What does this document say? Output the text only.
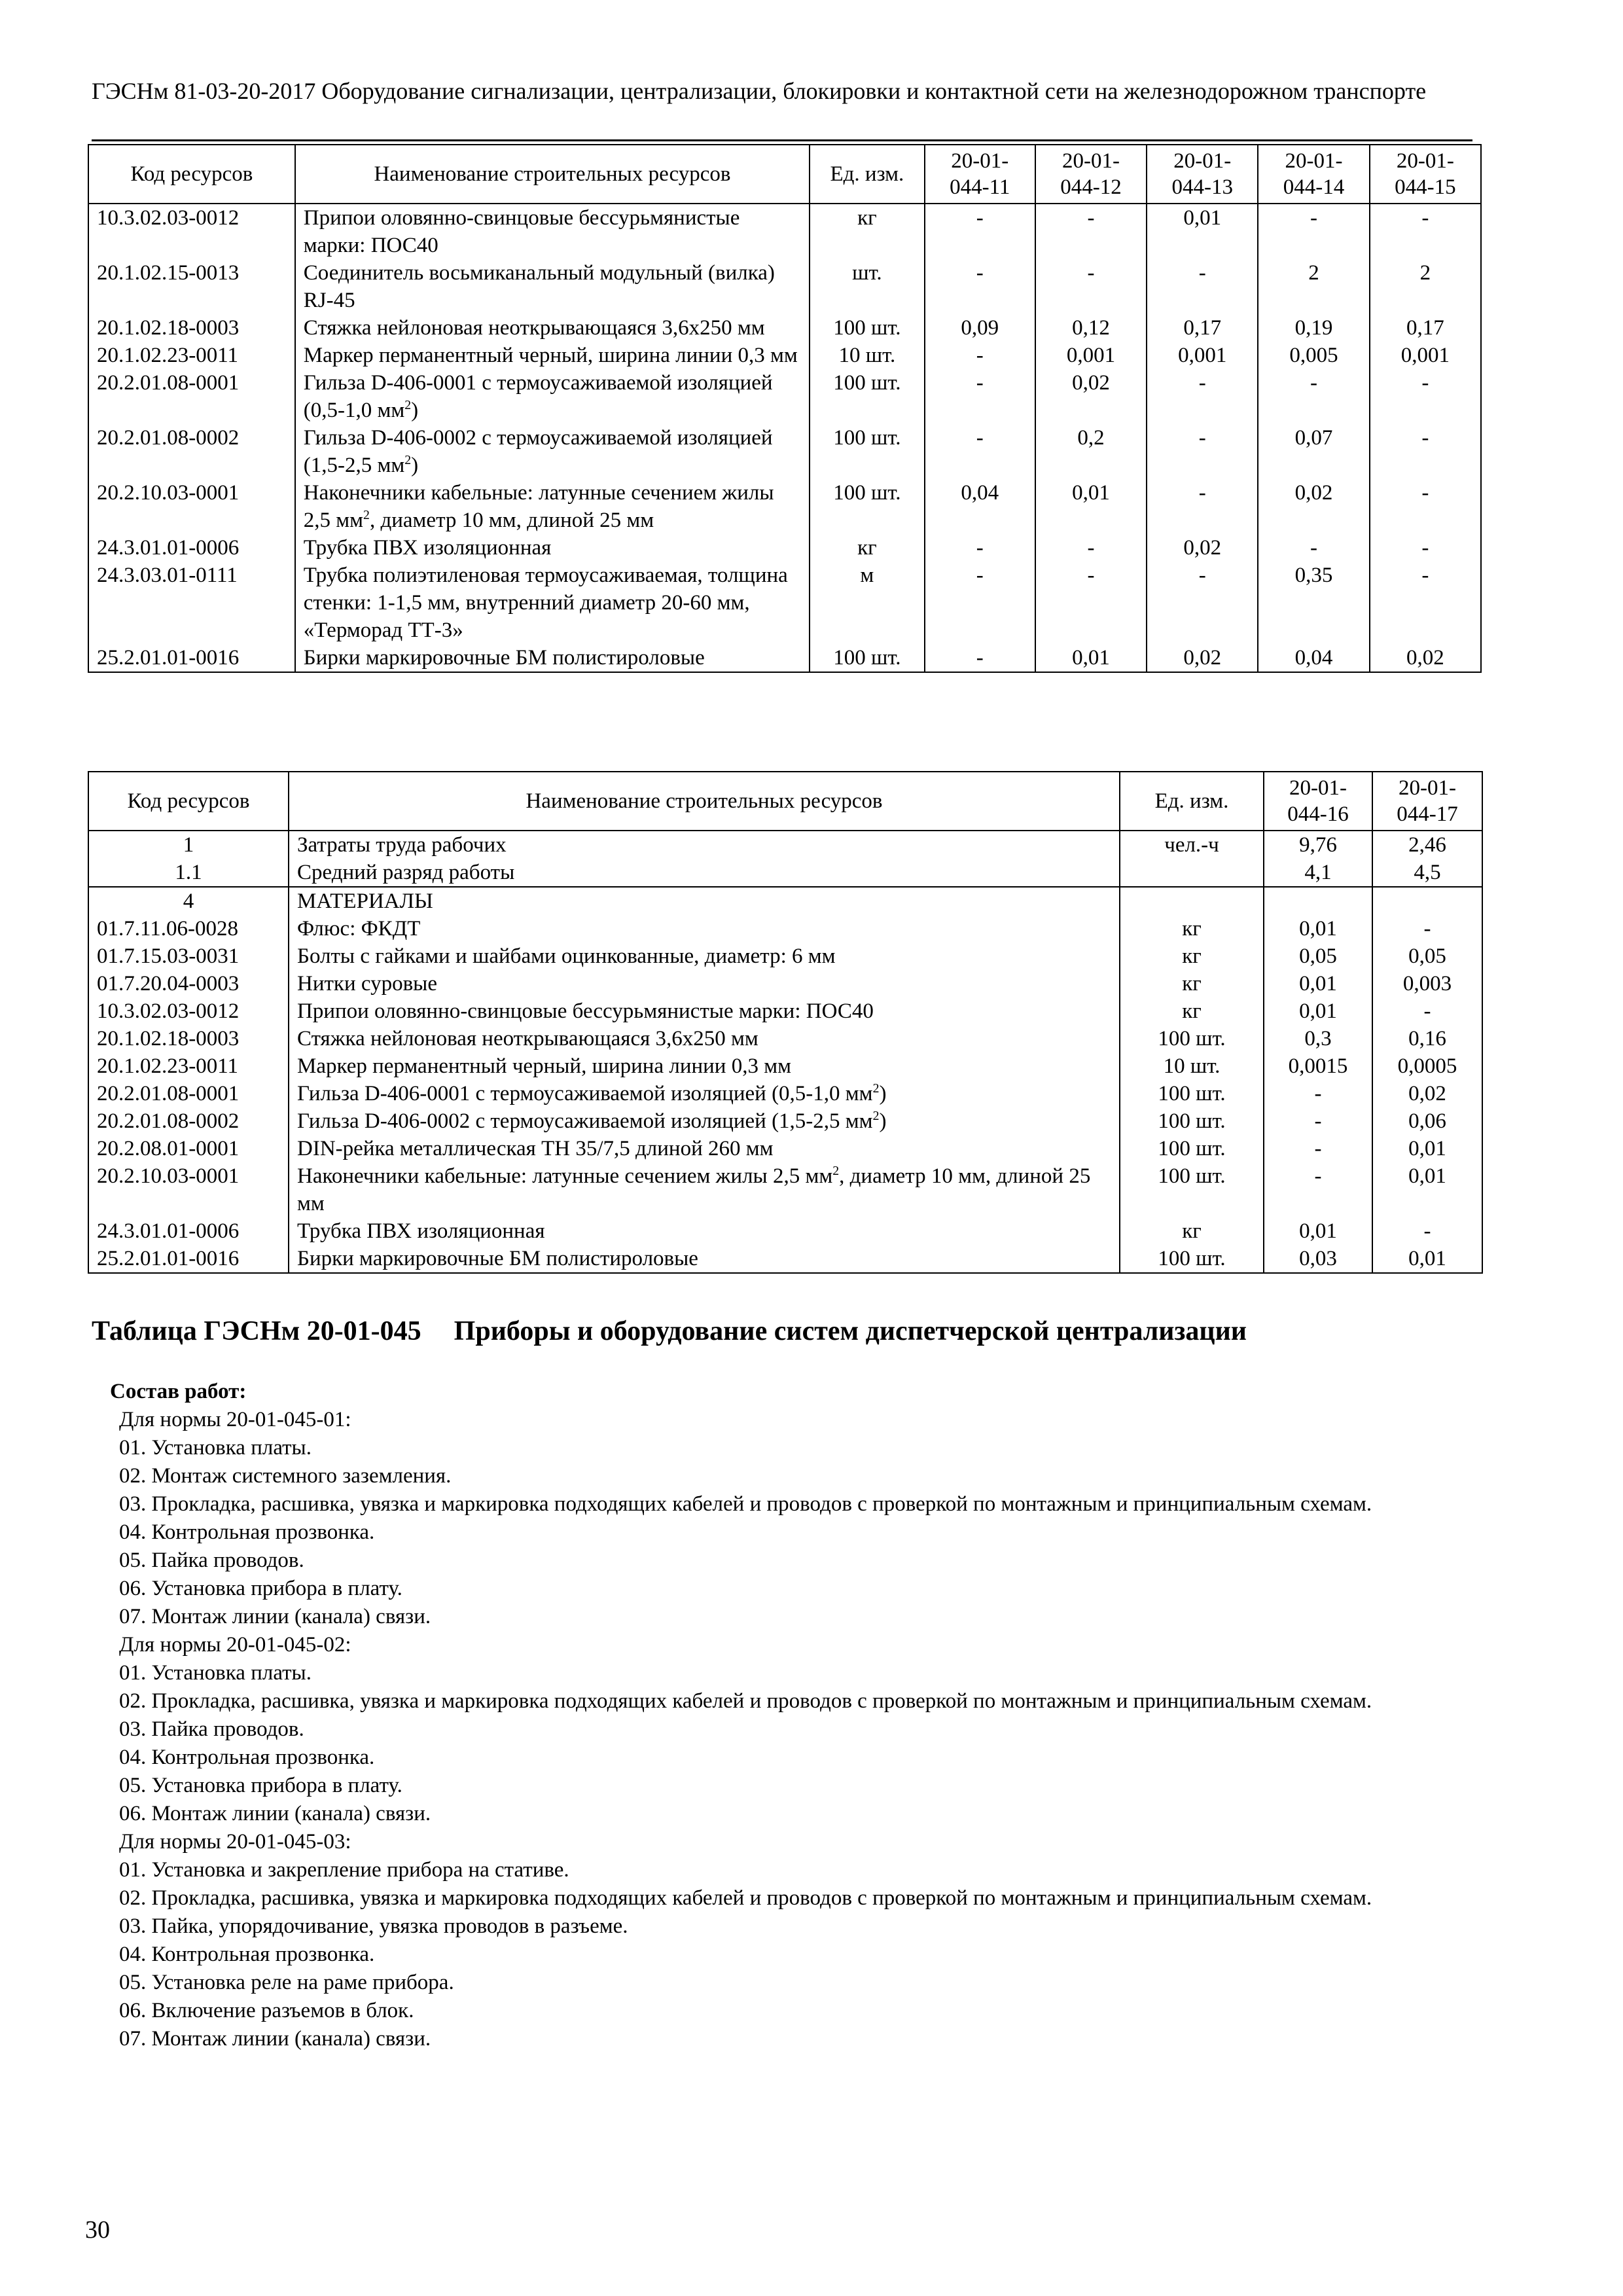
ГЭСНм 81-03-20-2017 Оборудование сигнализации, централизации, блокировки и контактной сети на железнодорожном транспорте
Код ресурсов	Наименование строительных ресурсов	Ед. изм.	20-01-044-11	20-01-044-12	20-01-044-13	20-01-044-14	20-01-044-15
10.3.02.03-0012	Припои оловянно-свинцовые бессурьмянистые марки: ПОС40	кг	-	-	0,01	-	-
20.1.02.15-0013	Соединитель восьмиканальный модульный (вилка) RJ-45	шт.	-	-	-	2	2
20.1.02.18-0003	Стяжка нейлоновая неоткрывающаяся 3,6х250 мм	100 шт.	0,09	0,12	0,17	0,19	0,17
20.1.02.23-0011	Маркер перманентный черный, ширина линии 0,3 мм	10 шт.	-	0,001	0,001	0,005	0,001
20.2.01.08-0001	Гильза D-406-0001 с термоусаживаемой изоляцией (0,5-1,0 $мм^2$)	100 шт.	-	0,02	-	-	-
20.2.01.08-0002	Гильза D-406-0002 с термоусаживаемой изоляцией (1,5-2,5 $мм^2$)	100 шт.	-	0,2	-	0,07	-
20.2.10.03-0001	Наконечники кабельные: латунные сечением жилы 2,5 $мм^2$, диаметр 10 мм, длиной 25 мм	100 шт.	0,04	0,01	-	0,02	-
24.3.01.01-0006	Трубка ПВХ изоляционная	кг	-	-	0,02	-	-
24.3.03.01-0111	Трубка полиэтиленовая термоусаживаемая, толщина стенки: 1-1,5 мм, внутренний диаметр 20-60 мм, «Терморад ТТ-3»	м	-	-	-	0,35	-
25.2.01.01-0016	Бирки маркировочные БМ полистироловые	100 шт.	-	0,01	0,02	0,04	0,02
Код ресурсов	Наименование строительных ресурсов	Ед. изм.	20-01-044-16	20-01-044-17
1	Затраты труда рабочих	чел.-ч	9,76	2,46
1.1	Средний разряд работы		4,1	4,5
4	МАТЕРИАЛЫ			
01.7.11.06-0028	Флюс: ФКДТ	кг	0,01	-
01.7.15.03-0031	Болты с гайками и шайбами оцинкованные, диаметр: 6 мм	кг	0,05	0,05
01.7.20.04-0003	Нитки суровые	кг	0,01	0,003
10.3.02.03-0012	Припои оловянно-свинцовые бессурьмянистые марки: ПОС40	кг	0,01	-
20.1.02.18-0003	Стяжка нейлоновая неоткрывающаяся 3,6х250 мм	100 шт.	0,3	0,16
20.1.02.23-0011	Маркер перманентный черный, ширина линии 0,3 мм	10 шт.	0,0015	0,0005
20.2.01.08-0001	Гильза D-406-0001 с термоусаживаемой изоляцией (0,5-1,0 $мм^2$)	100 шт.	-	0,02
20.2.01.08-0002	Гильза D-406-0002 с термоусаживаемой изоляцией (1,5-2,5 $мм^2$)	100 шт.	-	0,06
20.2.08.01-0001	DIN-рейка металлическая ТН 35/7,5 длиной 260 мм	100 шт.	-	0,01
20.2.10.03-0001	Наконечники кабельные: латунные сечением жилы 2,5 $мм^2$, диаметр 10 мм, длиной 25 мм	100 шт.	-	0,01
24.3.01.01-0006	Трубка ПВХ изоляционная	кг	0,01	-
25.2.01.01-0016	Бирки маркировочные БМ полистироловые	100 шт.	0,03	0,01
Таблица ГЭСНм 20-01-045 Приборы и оборудование систем диспетчерской централизации
Состав работ:
Для нормы 20-01-045-01:
01. Установка платы.
02. Монтаж системного заземления.
03. Прокладка, расшивка, увязка и маркировка подходящих кабелей и проводов с проверкой по монтажным и принципиальным схемам.
04. Контрольная прозвонка.
05. Пайка проводов.
06. Установка прибора в плату.
07. Монтаж линии (канала) связи.
Для нормы 20-01-045-02:
01. Установка платы.
02. Прокладка, расшивка, увязка и маркировка подходящих кабелей и проводов с проверкой по монтажным и принципиальным схемам.
03. Пайка проводов.
04. Контрольная прозвонка.
05. Установка прибора в плату.
06. Монтаж линии (канала) связи.
Для нормы 20-01-045-03:
01. Установка и закрепление прибора на стативе.
02. Прокладка, расшивка, увязка и маркировка подходящих кабелей и проводов с проверкой по монтажным и принципиальным схемам.
03. Пайка, упорядочивание, увязка проводов в разъеме.
04. Контрольная прозвонка.
05. Установка реле на раме прибора.
06. Включение разъемов в блок.
07. Монтаж линии (канала) связи.
30
